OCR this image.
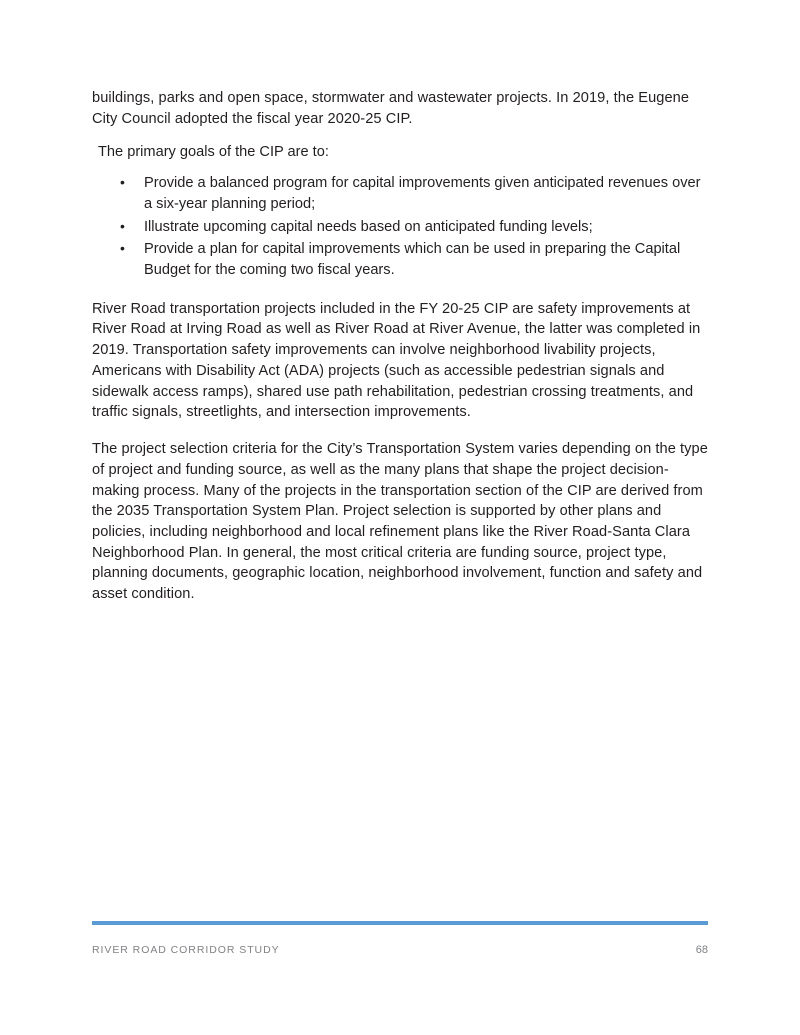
buildings, parks and open space, stormwater and wastewater projects. In 2019, the Eugene City Council adopted the fiscal year 2020-25 CIP.

The primary goals of the CIP are to:

• Provide a balanced program for capital improvements given anticipated revenues over a six-year planning period;
• Illustrate upcoming capital needs based on anticipated funding levels;
• Provide a plan for capital improvements which can be used in preparing the Capital Budget for the coming two fiscal years.

River Road transportation projects included in the FY 20-25 CIP are safety improvements at River Road at Irving Road as well as River Road at River Avenue, the latter was completed in 2019. Transportation safety improvements can involve neighborhood livability projects, Americans with Disability Act (ADA) projects (such as accessible pedestrian signals and sidewalk access ramps), shared use path rehabilitation, pedestrian crossing treatments, and traffic signals, streetlights, and intersection improvements.

The project selection criteria for the City’s Transportation System varies depending on the type of project and funding source, as well as the many plans that shape the project decision-making process. Many of the projects in the transportation section of the CIP are derived from the 2035 Transportation System Plan. Project selection is supported by other plans and policies, including neighborhood and local refinement plans like the River Road-Santa Clara Neighborhood Plan. In general, the most critical criteria are funding source, project type, planning documents, geographic location, neighborhood involvement, function and safety and asset condition.

RIVER ROAD CORRIDOR STUDY	68
